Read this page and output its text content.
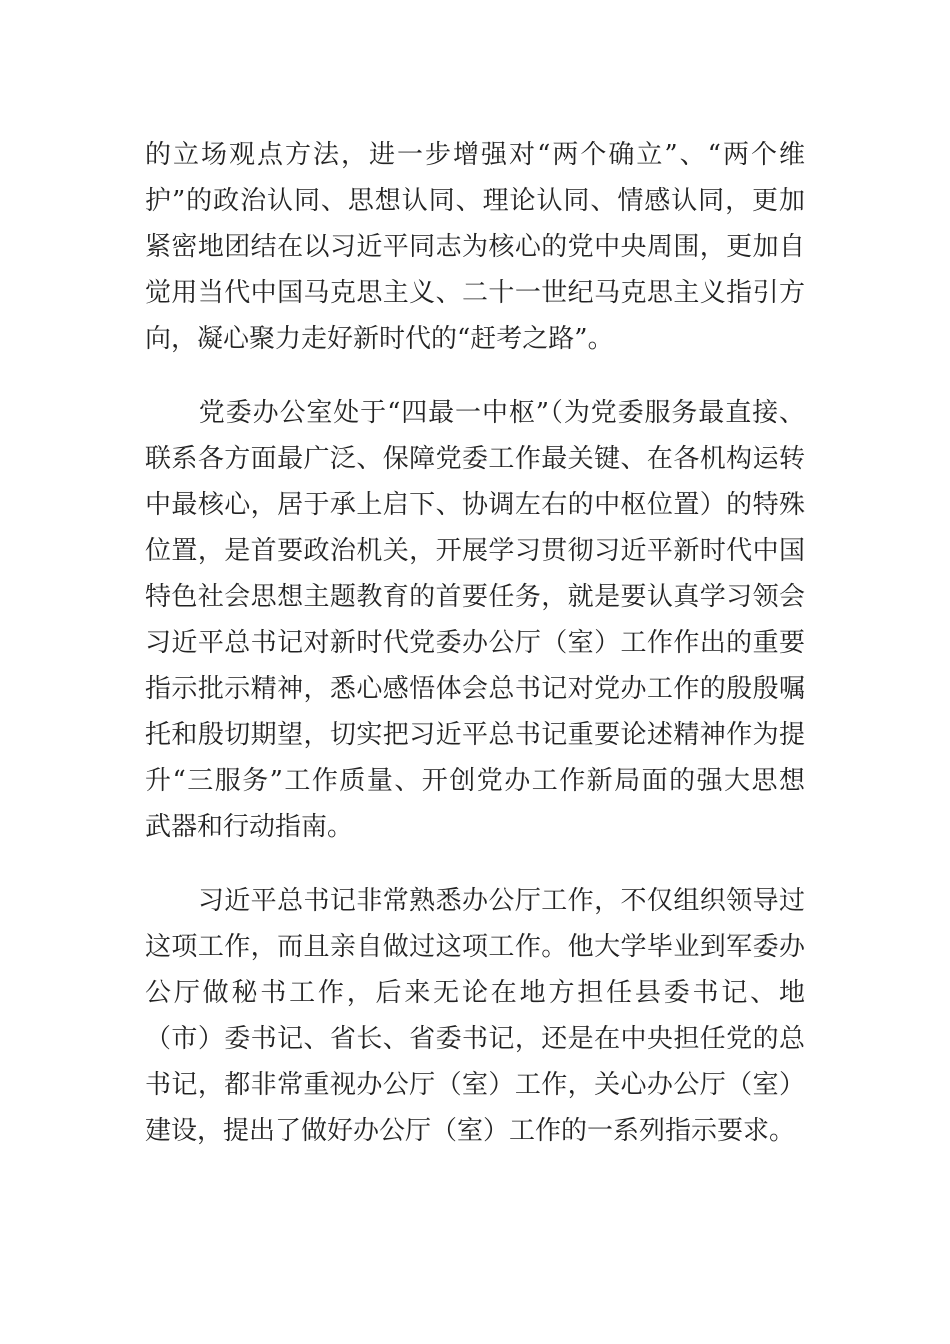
的立场观点方法，进一步增强对“两个确立”、“两个维
护”的政治认同、思想认同、理论认同、情感认同，更加
紧密地团结在以习近平同志为核心的党中央周围，更加自
觉用当代中国马克思主义、二十一世纪马克思主义指引方
向，凝心聚力走好新时代的“赶考之路”。

　　党委办公室处于“四最一中枢”（为党委服务最直接、
联系各方面最广泛、保障党委工作最关键、在各机构运转
中最核心，居于承上启下、协调左右的中枢位置）的特殊
位置，是首要政治机关，开展学习贯彻习近平新时代中国
特色社会思想主题教育的首要任务，就是要认真学习领会
习近平总书记对新时代党委办公厅（室）工作作出的重要
指示批示精神，悉心感悟体会总书记对党办工作的殷殷嘱
托和殷切期望，切实把习近平总书记重要论述精神作为提
升“三服务”工作质量、开创党办工作新局面的强大思想
武器和行动指南。

　　习近平总书记非常熟悉办公厅工作，不仅组织领导过
这项工作，而且亲自做过这项工作。他大学毕业到军委办
公厅做秘书工作，后来无论在地方担任县委书记、地
（市）委书记、省长、省委书记，还是在中央担任党的总
书记，都非常重视办公厅（室）工作，关心办公厅（室）
建设，提出了做好办公厅（室）工作的一系列指示要求。
